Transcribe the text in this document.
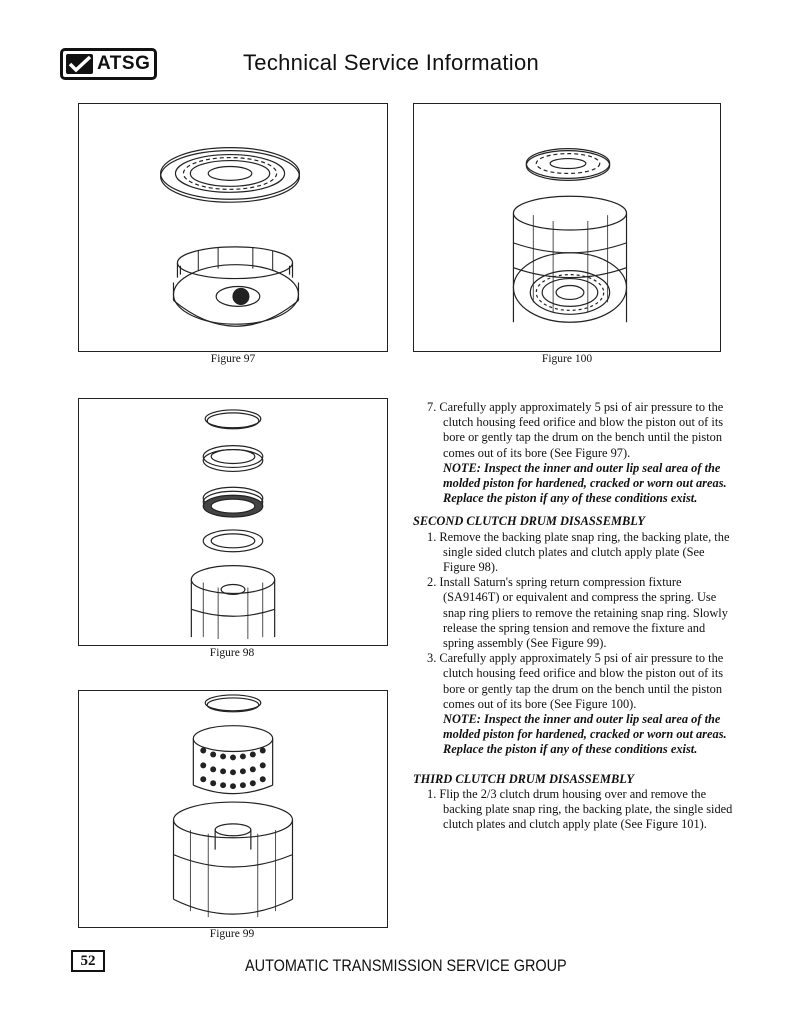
ATSG	Technical Service Information
Figure 97	Figure 100
Figure 98
Figure 99

7. Carefully apply approximately 5 psi of air pressure to the clutch housing feed orifice and blow the piston out of its bore or gently tap the drum on the bench until the piston comes out of its bore (See Figure 97).

NOTE: Inspect the inner and outer lip seal area of the molded piston for hardened, cracked or worn out areas. Replace the piston if any of these conditions exist.

SECOND CLUTCH DRUM DISASSEMBLY

1. Remove the backing plate snap ring, the backing plate, the single sided clutch plates and clutch apply plate (See Figure 98).

2. Install Saturn's spring return compression fixture (SA9146T) or equivalent and compress the spring. Use snap ring pliers to remove the retaining snap ring. Slowly release the spring tension and remove the fixture and spring assembly (See Figure 99).

3. Carefully apply approximately 5 psi of air pressure to the clutch housing feed orifice and blow the piston out of its bore or gently tap the drum on the bench until the piston comes out of its bore (See Figure 100).

NOTE: Inspect the inner and outer lip seal area of the molded piston for hardened, cracked or worn out areas. Replace the piston if any of these conditions exist.

THIRD CLUTCH DRUM DISASSEMBLY

1. Flip the 2/3 clutch drum housing over and remove the backing plate snap ring, the backing plate, the single sided clutch plates and clutch apply plate (See Figure 101).

52	AUTOMATIC TRANSMISSION SERVICE GROUP
